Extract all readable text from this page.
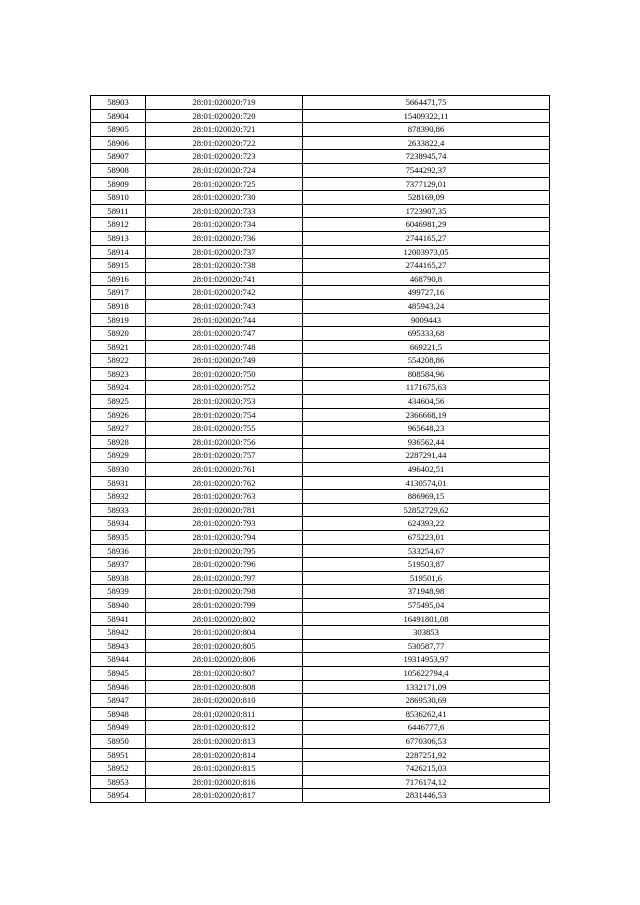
58903	28:01:020020:719	5664471,75
58904	28:01:020020:720	15409322,11
58905	28:01:020020:721	878390,86
58906	28:01:020020:722	2633822,4
58907	28:01:020020:723	7238945,74
58908	28:01:020020:724	7544292,37
58909	28:01:020020:725	7377129,01
58910	28:01:020020:730	528169,09
58911	28:01:020020:733	1723907,35
58912	28:01:020020:734	6046981,29
58913	28:01:020020:736	2744165,27
58914	28:01:020020:737	12003973,05
58915	28:01:020020:738	2744165,27
58916	28:01:020020:741	468790,8
58917	28:01:020020:742	499727,16
58918	28:01:020020:743	485943,24
58919	28:01:020020:744	9009443
58920	28:01:020020:747	695333,68
58921	28:01:020020:748	669221,5
58922	28:01:020020:749	554208,86
58923	28:01:020020:750	808584,96
58924	28:01:020020:752	1171675,63
58925	28:01:020020:753	434604,56
58926	28:01:020020:754	2366668,19
58927	28:01:020020:755	965648,23
58928	28:01:020020:756	936562,44
58929	28:01:020020:757	2287291,44
58930	28:01:020020:761	496402,51
58931	28:01:020020:762	4130574,01
58932	28:01:020020:763	886969,15
58933	28:01:020020:781	52852729,62
58934	28:01:020020:793	624393,22
58935	28:01:020020:794	675223,01
58936	28:01:020020:795	533254,67
58937	28:01:020020:796	519503,87
58938	28:01:020020:797	519501,6
58939	28:01:020020:798	371948,98
58940	28:01:020020:799	575495,04
58941	28:01:020020:802	16491801,08
58942	28:01:020020:804	303853
58943	28:01:020020:805	530587,77
58944	28:01:020020:806	19314953,97
58945	28:01:020020:807	105622794,4
58946	28:01:020020:808	1332171,09
58947	28:01:020020:810	2869530,69
58948	28:01:020020:811	8536262,41
58949	28:01:020020:812	6446777,6
58950	28:01:020020:813	6770306,53
58951	28:01:020020:814	2287251,92
58952	28:01:020020:815	7426215,03
58953	28:01:020020:816	7176174,12
58954	28:01:020020:817	2831446,53
